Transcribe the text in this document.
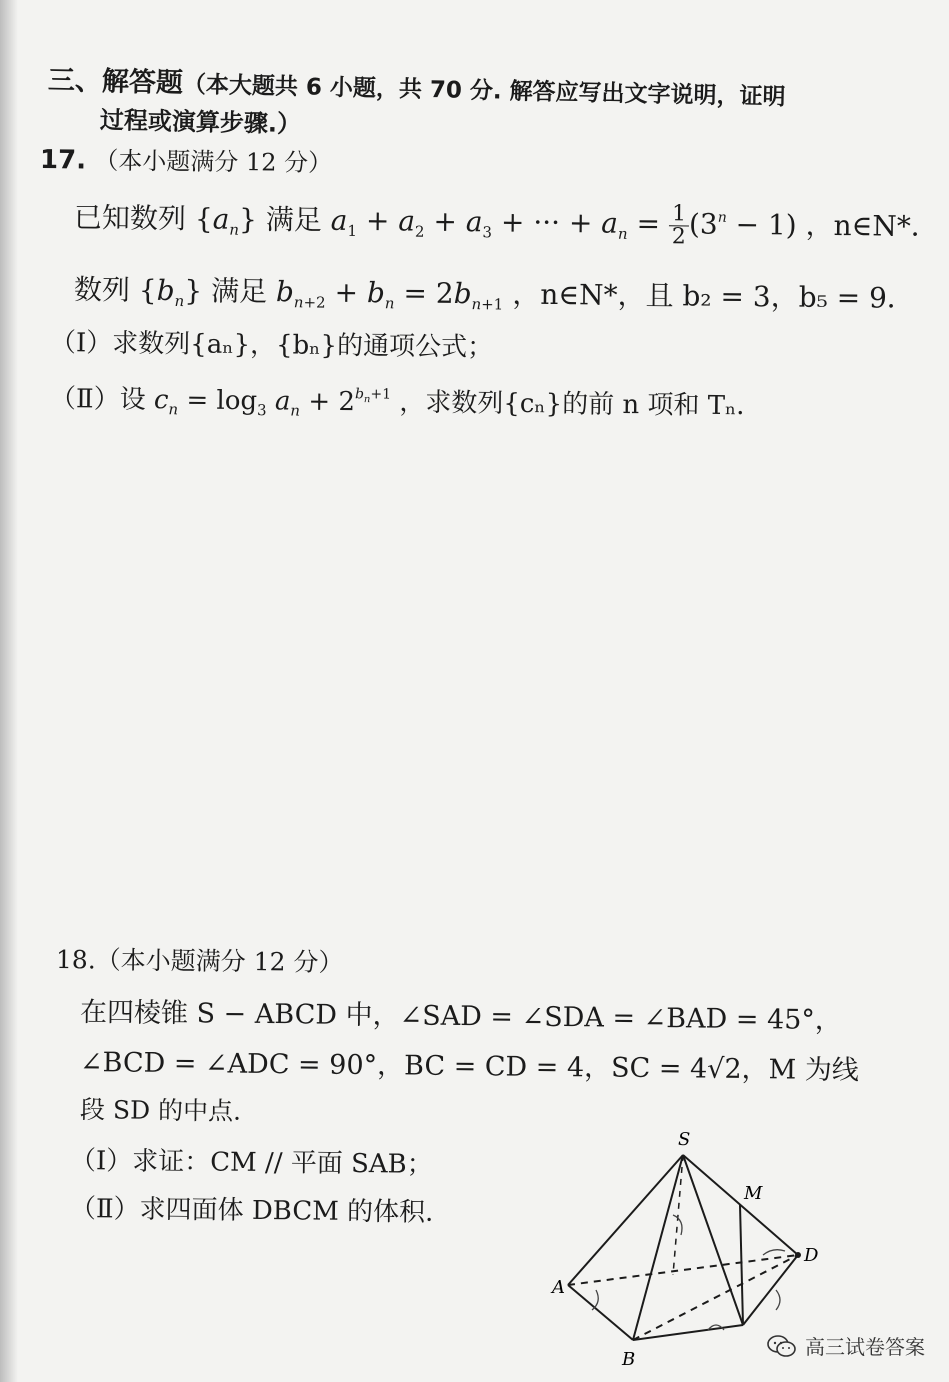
三、解答题（本大题共 6 小题，共 70 分. 解答应写出文字说明，证明
过程或演算步骤.）
17. （本小题满分 12 分）
已知数列 $\{a_n\}$ 满足 $a_1 + a_2 + a_3$ + ··· + $a_n = \frac{1}{2} (3^n - 1)$ ，n∈N*．
数列 $\{b_n\}$ 满足 $b_{n+2} + b_n = 2b_{n+1}$ ，n∈N*，且 b₂ = 3，b₅ = 9．
（Ⅰ）求数列{aₙ}，{bₙ}的通项公式；
（Ⅱ）设 $c_n = \log_3 a_n + 2^{b_n+1}$ ，求数列{cₙ}的前 n 项和 Tₙ．
18.（本小题满分 12 分）
在四棱锥 S − ABCD 中，∠SAD = ∠SDA = ∠BAD = 45°，
∠BCD = ∠ADC = 90°，BC = CD = 4，SC = 4√2，M 为线
段 SD 的中点.
（Ⅰ）求证：CM // 平面 SAB；
（Ⅱ）求四面体 DBCM 的体积.
S
A
B
D
M
高三试卷答案
